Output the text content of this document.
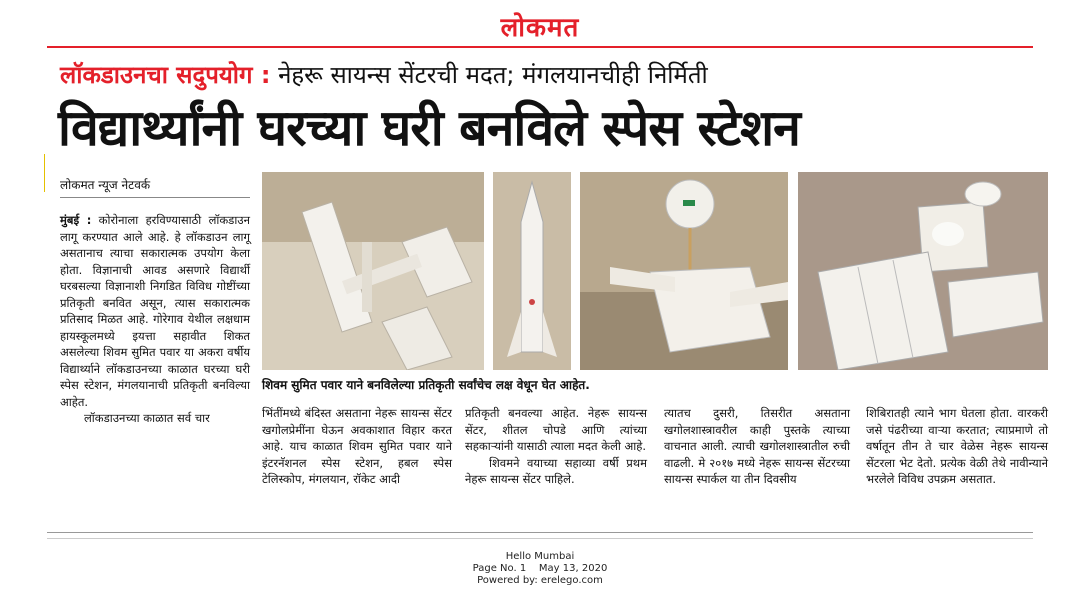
लोकमत
लॉकडाउनचा सदुपयोग : नेहरू सायन्स सेंटरची मदत; मंगलयानचीही निर्मिती
विद्यार्थ्यांनी घरच्या घरी बनविले स्पेस स्टेशन
लोकमत न्यूज नेटवर्क
मुंबई : कोरोनाला हरविण्यासाठी लॉकडाउन लागू करण्यात आले आहे. हे लॉकडाउन लागू असतानाच त्याचा सकारात्मक उपयोग केला होता. विज्ञानाची आवड असणारे विद्यार्थी घरबसल्या विज्ञानाशी निगडित विविध गोष्टींच्या प्रतिकृती बनवित असून, त्यास सकारात्मक प्रतिसाद मिळत आहे. गोरेगाव येथील लक्षधाम हायस्कूलमध्ये इयत्ता सहावीत शिकत असलेल्या शिवम सुमित पवार या अकरा वर्षीय विद्यार्थ्याने लॉकडाउनच्या काळात घरच्या घरी स्पेस स्टेशन, मंगलयानाची प्रतिकृती बनविल्या आहेत.
लॉकडाउनच्या काळात सर्व चार
शिवम सुमित पवार याने बनविलेल्या प्रतिकृती सर्वांचेच लक्ष वेधून घेत आहेत.
भिंतींमध्ये बंदिस्त असताना नेहरू सायन्स सेंटर खगोलप्रेमींना घेऊन अवकाशात विहार करत आहे. याच काळात शिवम सुमित पवार याने इंटरनॅशनल स्पेस स्टेशन, हबल स्पेस टेलिस्कोप, मंगलयान, रॉकेट आदी
प्रतिकृती बनवल्या आहेत. नेहरू सायन्स सेंटर, शीतल चोपडे आणि त्यांच्या सहकाऱ्यांनी यासाठी त्याला मदत केली आहे.
शिवमने वयाच्या सहाव्या वर्षी प्रथम नेहरू सायन्स सेंटर पाहिले.
त्यातच दुसरी, तिसरीत असताना खगोलशास्त्रावरील काही पुस्तके त्याच्या वाचनात आली. त्याची खगोलशास्त्रातील रुची वाढली. मे २०१७ मध्ये नेहरू सायन्स सेंटरच्या सायन्स स्पार्कल या तीन दिवसीय
शिबिरातही त्याने भाग घेतला होता. वारकरी जसे पंढरीच्या वाऱ्या करतात; त्याप्रमाणे तो वर्षातून तीन ते चार वेळेस नेहरू सायन्स सेंटरला भेट देतो. प्रत्येक वेळी तेथे नावीन्याने भरलेले विविध उपक्रम असतात.
Hello Mumbai
Page No. 1    May 13, 2020
Powered by: erelego.com
